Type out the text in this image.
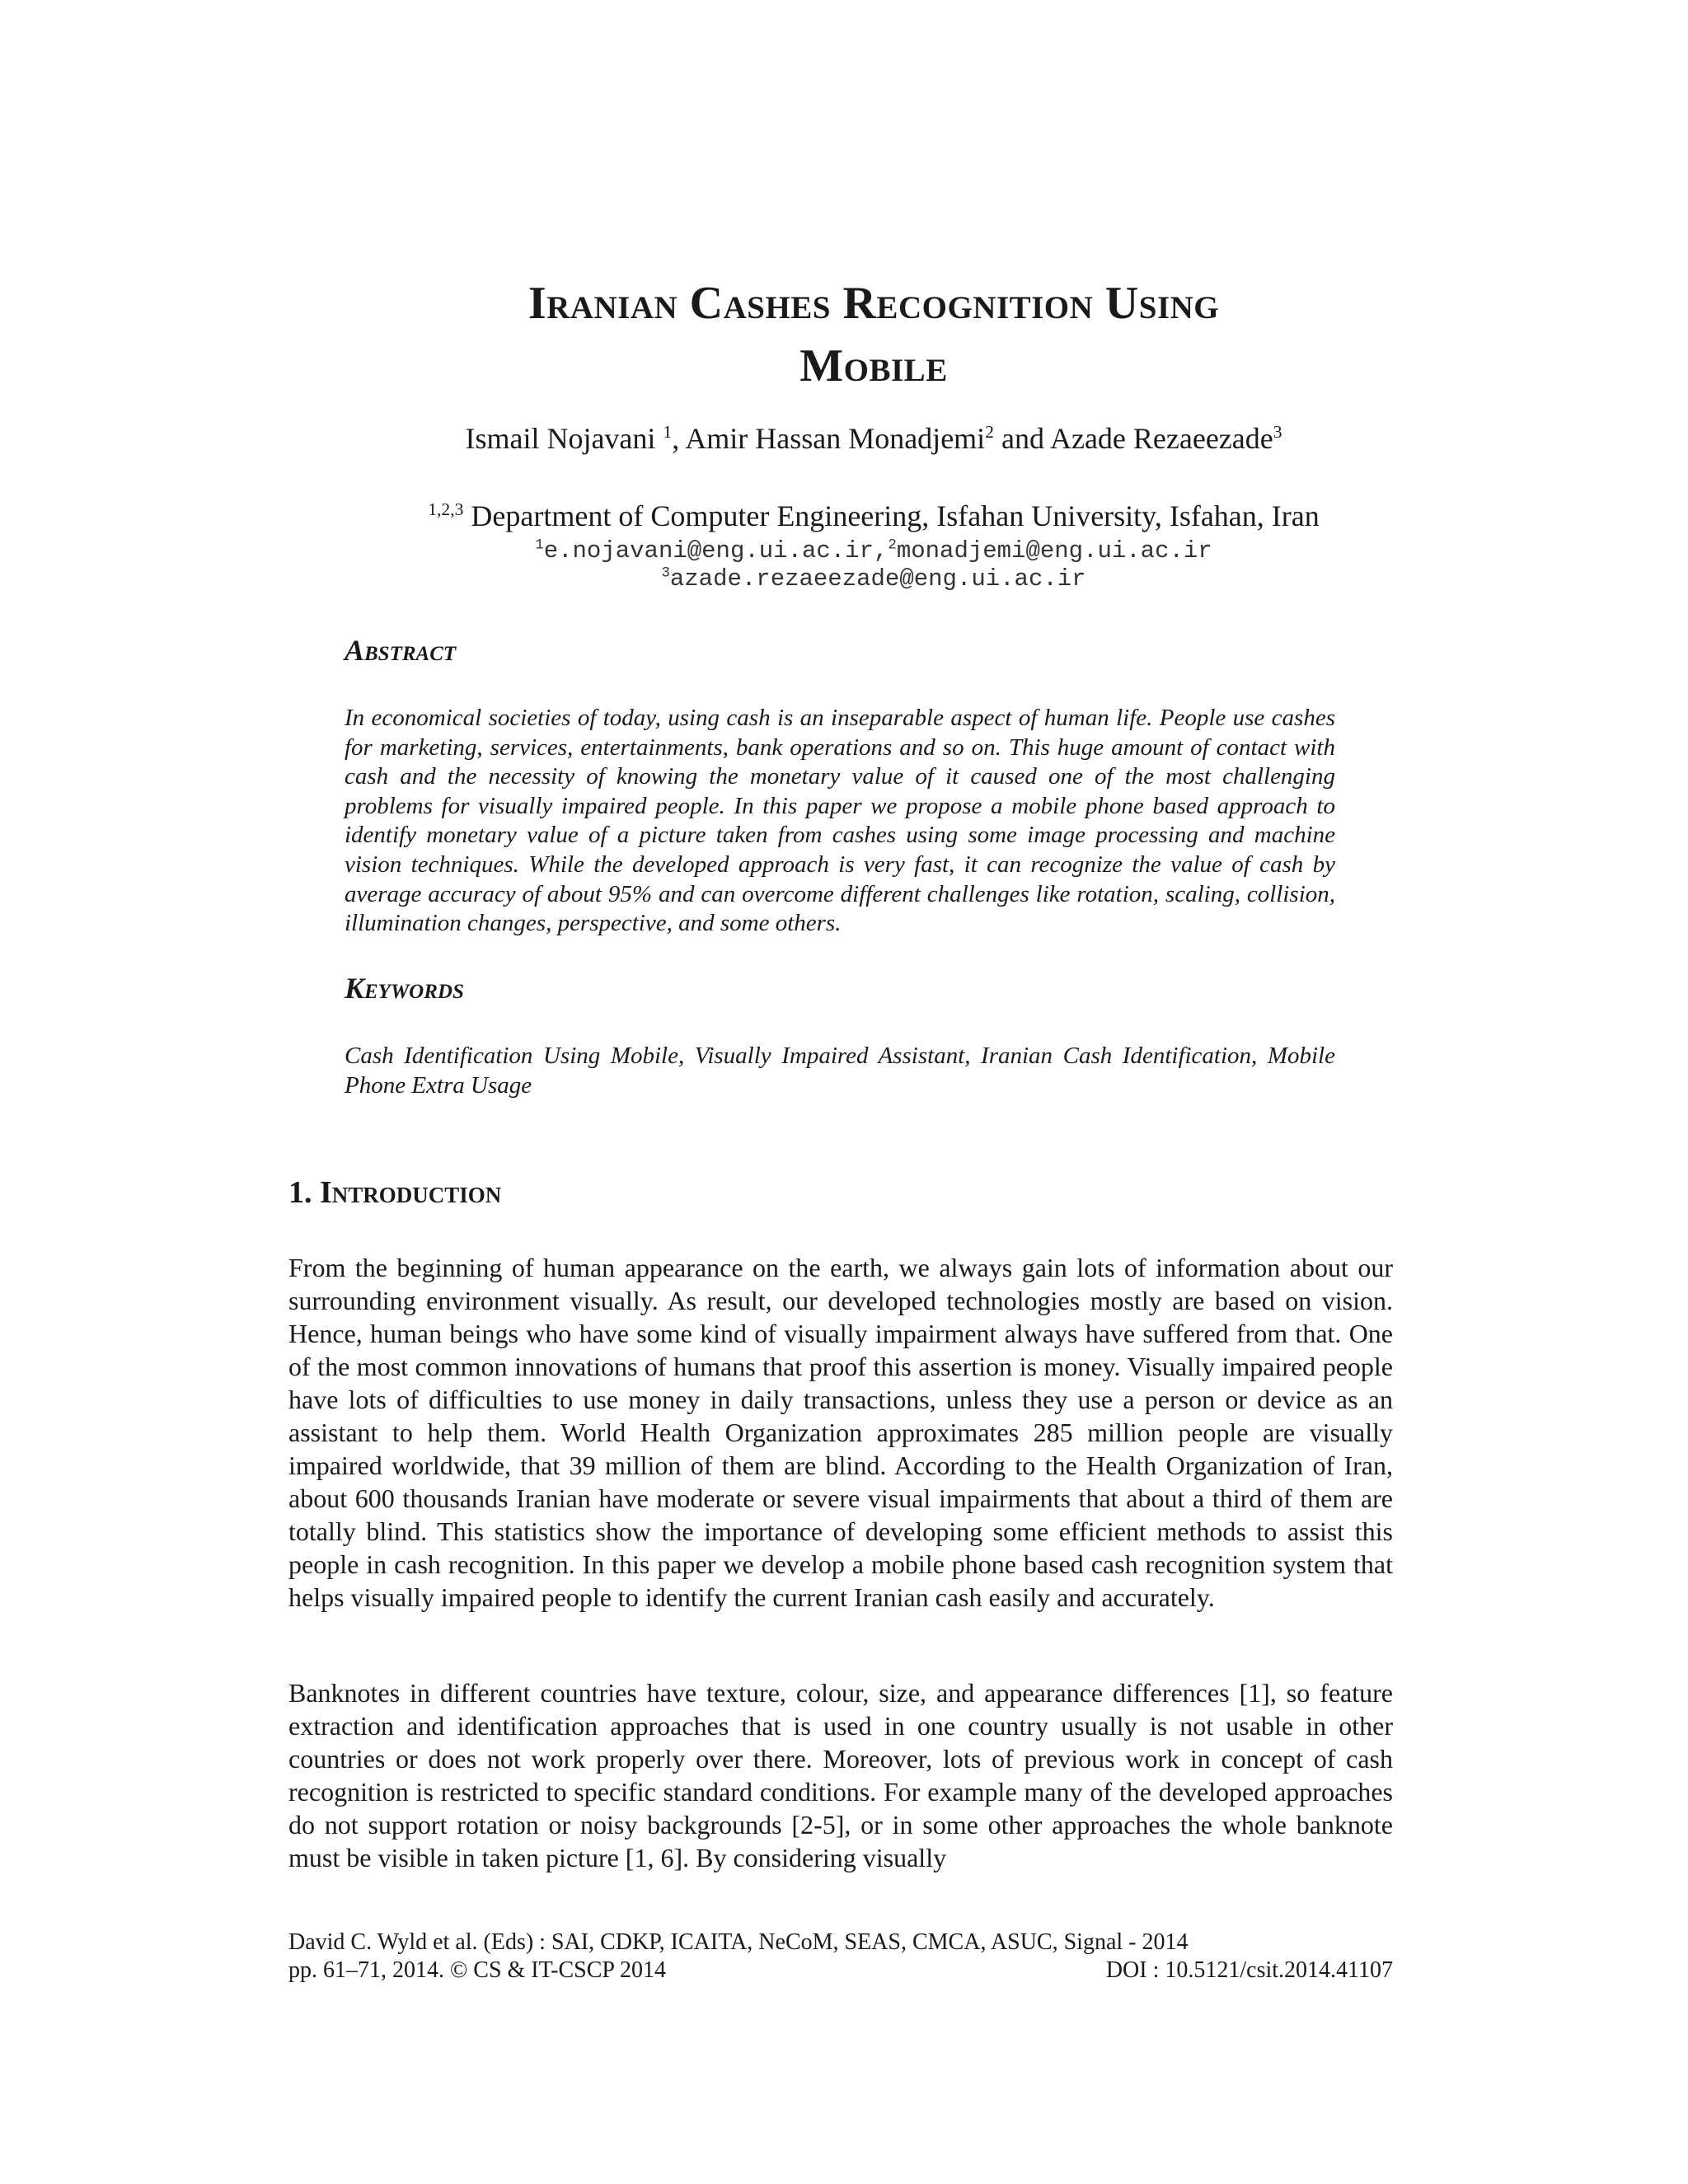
Iranian Cashes Recognition Using
Mobile
Ismail Nojavani $^1$, Amir Hassan Monadjemi$^2$ and Azade Rezaeezade$^3$
$^{1,2,3}$ Department of Computer Engineering, Isfahan University, Isfahan, Iran
$^1$e.nojavani@eng.ui.ac.ir,$^2$monadjemi@eng.ui.ac.ir
$^3$azade.rezaeezade@eng.ui.ac.ir
Abstract
In economical societies of today, using cash is an inseparable aspect of human life. People use cashes for marketing, services, entertainments, bank operations and so on. This huge amount of contact with cash and the necessity of knowing the monetary value of it caused one of the most challenging problems for visually impaired people. In this paper we propose a mobile phone based approach to identify monetary value of a picture taken from cashes using some image processing and machine vision techniques. While the developed approach is very fast, it can recognize the value of cash by average accuracy of about 95% and can overcome different challenges like rotation, scaling, collision, illumination changes, perspective, and some others.
Keywords
Cash Identification Using Mobile, Visually Impaired Assistant, Iranian Cash Identification, Mobile Phone Extra Usage
1. Introduction
From the beginning of human appearance on the earth, we always gain lots of information about our surrounding environment visually. As result, our developed technologies mostly are based on vision. Hence, human beings who have some kind of visually impairment always have suffered from that. One of the most common innovations of humans that proof this assertion is money. Visually impaired people have lots of difficulties to use money in daily transactions, unless they use a person or device as an assistant to help them. World Health Organization approximates 285 million people are visually impaired worldwide, that 39 million of them are blind. According to the Health Organization of Iran, about 600 thousands Iranian have moderate or severe visual impairments that about a third of them are totally blind. This statistics show the importance of developing some efficient methods to assist this people in cash recognition. In this paper we develop a mobile phone based cash recognition system that helps visually impaired people to identify the current Iranian cash easily and accurately.
Banknotes in different countries have texture, colour, size, and appearance differences [1], so feature extraction and identification approaches that is used in one country usually is not usable in other countries or does not work properly over there. Moreover, lots of previous work in concept of cash recognition is restricted to specific standard conditions. For example many of the developed approaches do not support rotation or noisy backgrounds [2-5], or in some other approaches the whole banknote must be visible in taken picture [1, 6]. By considering visually
David C. Wyld et al. (Eds) : SAI, CDKP, ICAITA, NeCoM, SEAS, CMCA, ASUC, Signal - 2014
pp. 61–71, 2014. © CS & IT-CSCP 2014	DOI : 10.5121/csit.2014.41107
